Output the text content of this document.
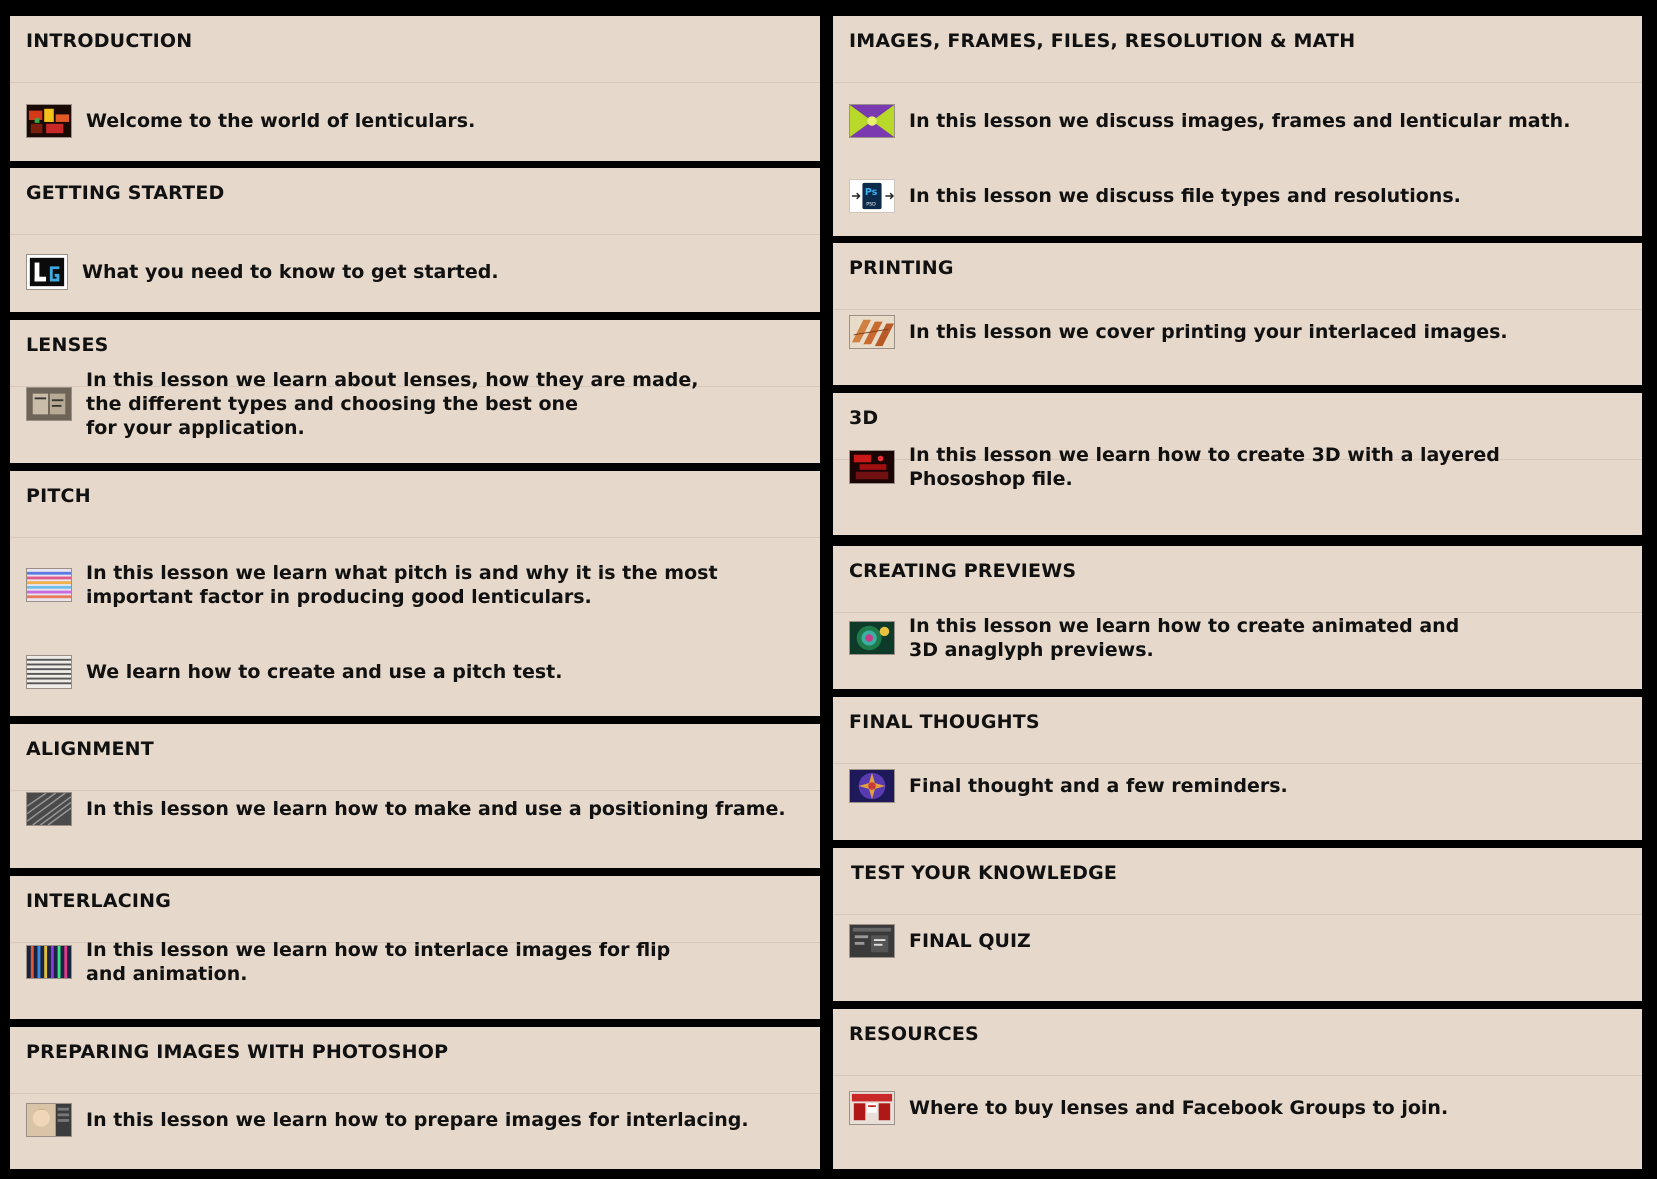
INTRODUCTION
Welcome to the world of lenticulars.
GETTING STARTED
What you need to know to get started.
LENSES
In this lesson we learn about lenses, how they are made,
the different types and choosing the best one
for your application.
PITCH
In this lesson we learn what pitch is and why it is the most
important factor in producing good lenticulars.
We learn how to create and use a pitch test.
ALIGNMENT
In this lesson we learn how to make and use a positioning frame.
INTERLACING
In this lesson we learn how to interlace images for flip
and animation.
PREPARING IMAGES WITH PHOTOSHOP
In this lesson we learn how to prepare images for interlacing.
IMAGES, FRAMES, FILES, RESOLUTION & MATH
In this lesson we discuss images, frames and lenticular math.
Ps
PSD In this lesson we discuss file types and resolutions.
PRINTING
In this lesson we cover printing your interlaced images.
3D
In this lesson we learn how to create 3D with a layered
Phososhop file.
CREATING PREVIEWS
In this lesson we learn how to create animated and
3D anaglyph previews.
FINAL THOUGHTS
Final thought and a few reminders.
TEST YOUR KNOWLEDGE
FINAL QUIZ
RESOURCES
Where to buy lenses and Facebook Groups to join.
